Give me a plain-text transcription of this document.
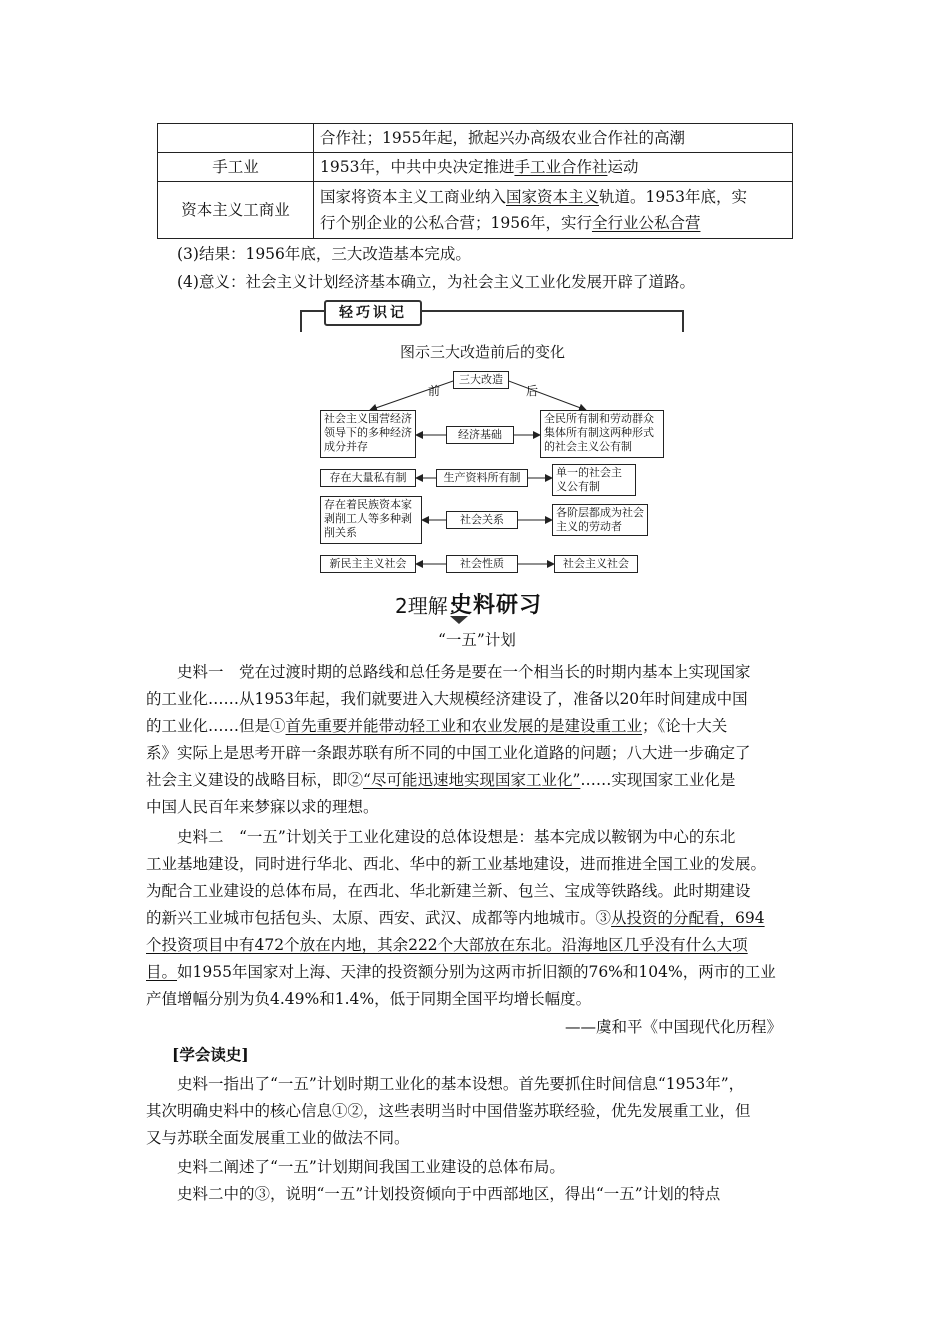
	合作社；1955年起，掀起兴办高级农业合作社的高潮
手工业	1953年，中共中央决定推进手工业合作社运动
资本主义工商业	国家将资本主义工商业纳入国家资本主义轨道。1953年底，实
行个别企业的公私合营；1956年，实行全行业公私合营
(3)结果：1956年底，三大改造基本完成。
(4)意义：社会主义计划经济基本确立，为社会主义工业化发展开辟了道路。
轻巧识记
图示三大改造前后的变化
三大改造
前	后
社会主义国营经济领导下的多种经济成分并存
经济基础
全民所有制和劳动群众集体所有制这两种形式的社会主义公有制
存在大量私有制	生产资料所有制	单一的社会主义公有制
存在着民族资本家剥削工人等多种剥削关系
社会关系
各阶层都成为社会主义的劳动者
新民主主义社会	社会性质	社会主义社会
2理解：
史料研习
“一五”计划
史料一　党在过渡时期的总路线和总任务是要在一个相当长的时期内基本上实现国家
的工业化……从1953年起，我们就要进入大规模经济建设了，准备以20年时间建成中国
的工业化……但是①首先重要并能带动轻工业和农业发展的是建设重工业；《论十大关
系》实际上是思考开辟一条跟苏联有所不同的中国工业化道路的问题；八大进一步确定了
社会主义建设的战略目标，即②“尽可能迅速地实现国家工业化”……实现国家工业化是
中国人民百年来梦寐以求的理想。
史料二　“一五”计划关于工业化建设的总体设想是：基本完成以鞍钢为中心的东北
工业基地建设，同时进行华北、西北、华中的新工业基地建设，进而推进全国工业的发展。
为配合工业建设的总体布局，在西北、华北新建兰新、包兰、宝成等铁路线。此时期建设
的新兴工业城市包括包头、太原、西安、武汉、成都等内地城市。③从投资的分配看，694
个投资项目中有472个放在内地，其余222个大部放在东北。沿海地区几乎没有什么大项
目。如1955年国家对上海、天津的投资额分别为这两市折旧额的76%和104%，两市的工业
产值增幅分别为负4.49%和1.4%，低于同期全国平均增长幅度。
——虞和平《中国现代化历程》
[学会读史]
史料一指出了“一五”计划时期工业化的基本设想。首先要抓住时间信息“1953年”，
其次明确史料中的核心信息①②，这些表明当时中国借鉴苏联经验，优先发展重工业，但
又与苏联全面发展重工业的做法不同。
史料二阐述了“一五”计划期间我国工业建设的总体布局。
史料二中的③，说明“一五”计划投资倾向于中西部地区，得出“一五”计划的特点
